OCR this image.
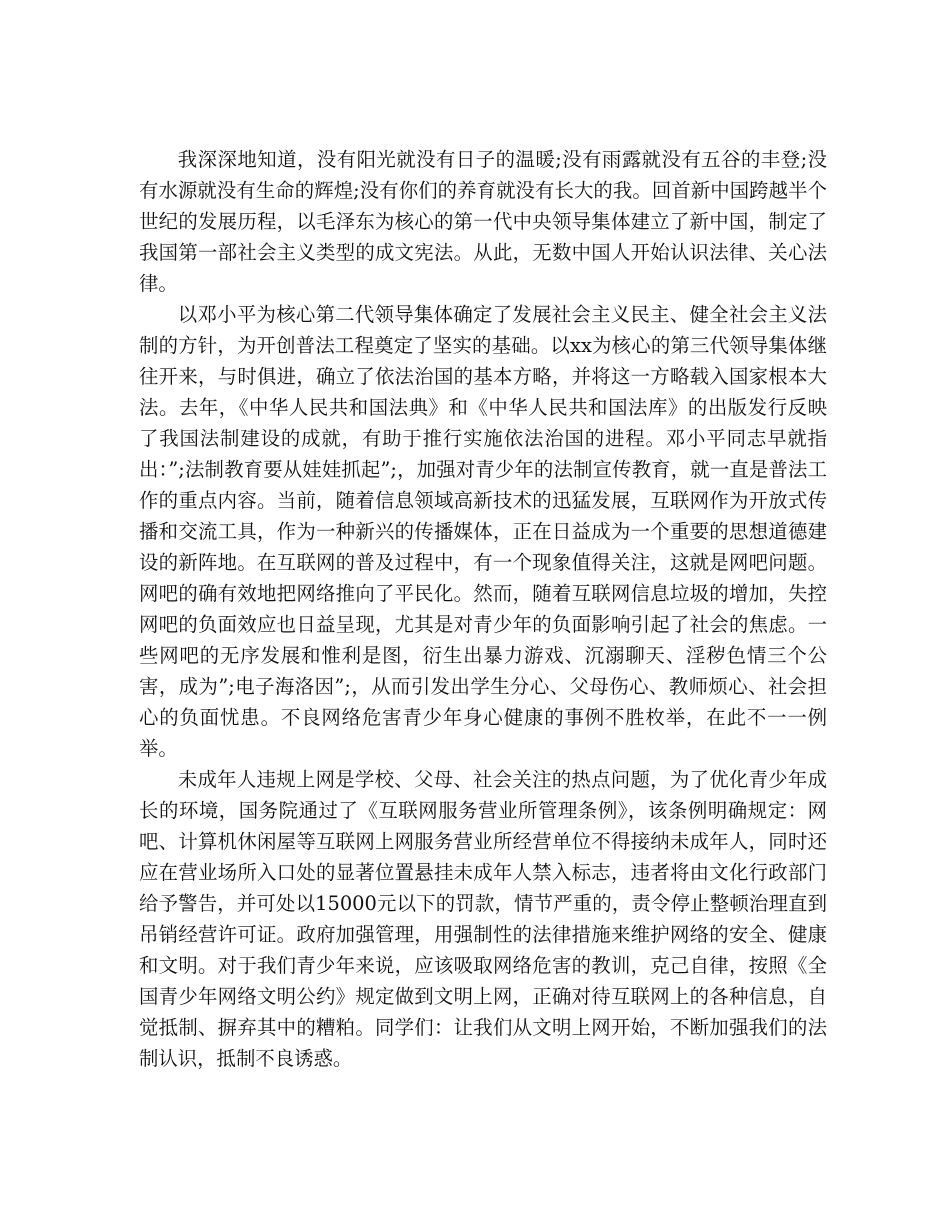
我深深地知道，没有阳光就没有日子的温暖;没有雨露就没有五谷的丰登;没有水源就没有生命的辉煌;没有你们的养育就没有长大的我。回首新中国跨越半个世纪的发展历程，以毛泽东为核心的第一代中央领导集体建立了新中国，制定了我国第一部社会主义类型的成文宪法。从此，无数中国人开始认识法律、关心法律。

以邓小平为核心第二代领导集体确定了发展社会主义民主、健全社会主义法制的方针，为开创普法工程奠定了坚实的基础。以xx为核心的第三代领导集体继往开来，与时俱进，确立了依法治国的基本方略，并将这一方略载入国家根本大法。去年，《中华人民共和国法典》和《中华人民共和国法库》的出版发行反映了我国法制建设的成就，有助于推行实施依法治国的进程。邓小平同志早就指出：”;法制教育要从娃娃抓起”;，加强对青少年的法制宣传教育，就一直是普法工作的重点内容。当前，随着信息领域高新技术的迅猛发展，互联网作为开放式传播和交流工具，作为一种新兴的传播媒体，正在日益成为一个重要的思想道德建设的新阵地。在互联网的普及过程中，有一个现象值得关注，这就是网吧问题。网吧的确有效地把网络推向了平民化。然而，随着互联网信息垃圾的增加，失控网吧的负面效应也日益呈现，尤其是对青少年的负面影响引起了社会的焦虑。一些网吧的无序发展和惟利是图，衍生出暴力游戏、沉溺聊天、淫秽色情三个公害，成为”;电子海洛因”;，从而引发出学生分心、父母伤心、教师烦心、社会担心的负面忧患。不良网络危害青少年身心健康的事例不胜枚举，在此不一一例举。

未成年人违规上网是学校、父母、社会关注的热点问题，为了优化青少年成长的环境，国务院通过了《互联网服务营业所管理条例》，该条例明确规定：网吧、计算机休闲屋等互联网上网服务营业所经营单位不得接纳未成年人，同时还应在营业场所入口处的显著位置悬挂未成年人禁入标志，违者将由文化行政部门给予警告，并可处以15000元以下的罚款，情节严重的，责令停止整顿治理直到吊销经营许可证。政府加强管理，用强制性的法律措施来维护网络的安全、健康和文明。对于我们青少年来说，应该吸取网络危害的教训，克己自律，按照《全国青少年网络文明公约》规定做到文明上网，正确对待互联网上的各种信息，自觉抵制、摒弃其中的糟粕。同学们：让我们从文明上网开始，不断加强我们的法制认识，抵制不良诱惑。
